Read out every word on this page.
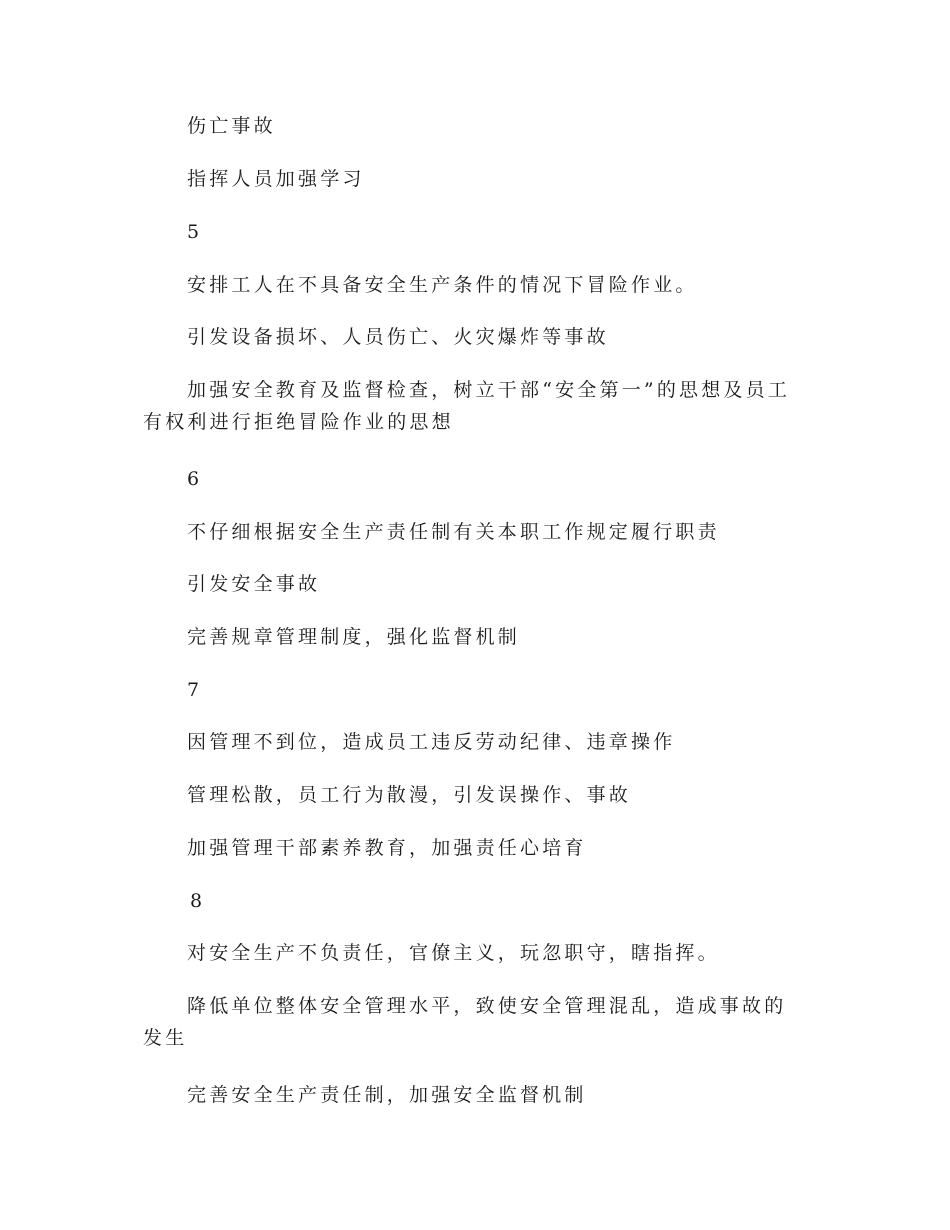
伤亡事故
指挥人员加强学习
5
安排工人在不具备安全生产条件的情况下冒险作业。
引发设备损坏、人员伤亡、火灾爆炸等事故
加强安全教育及监督检查，树立干部“安全第一”的思想及员工有权利进行拒绝冒险作业的思想
6
不仔细根据安全生产责任制有关本职工作规定履行职责
引发安全事故
完善规章管理制度，强化监督机制
7
因管理不到位，造成员工违反劳动纪律、违章操作
管理松散，员工行为散漫，引发误操作、事故
加强管理干部素养教育，加强责任心培育
8
对安全生产不负责任，官僚主义，玩忽职守，瞎指挥。
降低单位整体安全管理水平，致使安全管理混乱，造成事故的发生
完善安全生产责任制，加强安全监督机制
